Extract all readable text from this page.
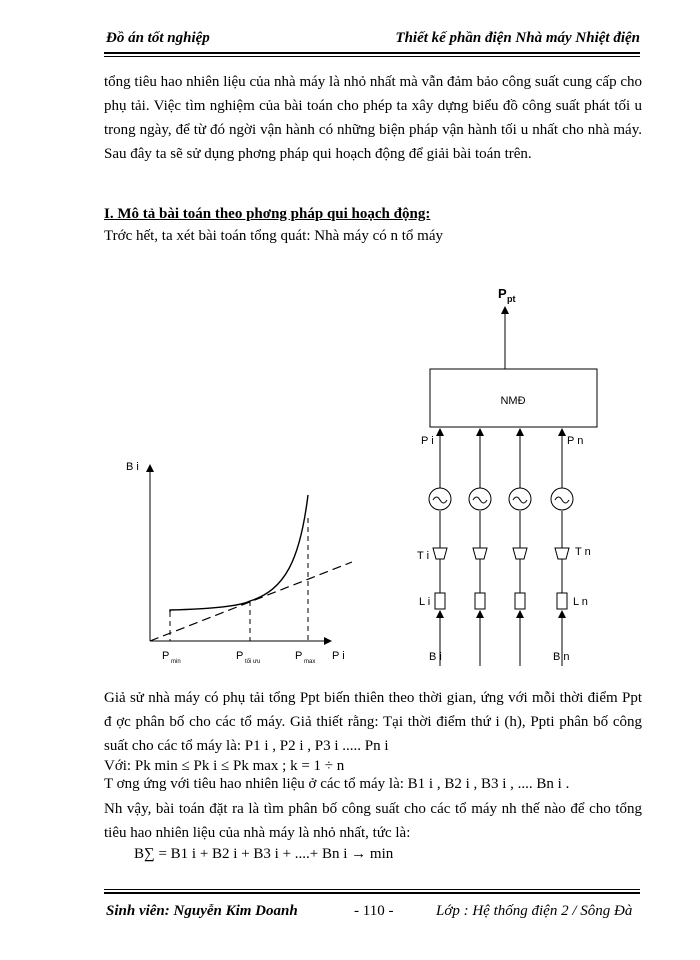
Đồ án tốt nghiệp	Thiết kế phần điện Nhà máy Nhiệt điện

tổng tiêu hao nhiên liệu của nhà máy là nhỏ nhất mà vẫn đảm bảo công suất cung cấp cho phụ tải. Việc tìm nghiệm của bài toán cho phép ta xây dựng biểu đồ công suất phát tối u trong ngày, để từ đó ngời vận hành có những biện pháp vận hành tối u nhất cho nhà máy. Sau đây ta sẽ sử dụng phơng pháp qui hoạch động để giải bài toán trên.

I. Mô tả bài toán theo phơng pháp qui hoạch động:
Trớc hết, ta xét bài toán tổng quát: Nhà máy có n tổ máy
B i
P i
P min	P tối ưu	P max
P pt
NMĐ
P i	P n
T i	T n
L i	L n
B i	B n

Giả sử nhà máy có phụ tải tổng Ppt biến thiên theo thời gian, ứng với mỗi thời điểm Ppt đ ợc phân bố cho các tổ máy. Giả thiết rằng: Tại thời điểm thứ i (h), Ppti phân bố công suất cho các tổ máy là: P1 i , P2 i , P3 i ..... Pn i

Với: Pk min ≤ Pk i ≤ Pk max ; k = 1 ÷ n
T ơng ứng với tiêu hao nhiên liệu ở các tổ máy là: B1 i , B2 i , B3 i , .... Bn i .

Nh vậy, bài toán đặt ra là tìm phân bố công suất cho các tổ máy nh thế nào để cho tổng tiêu hao nhiên liệu của nhà máy là nhỏ nhất, tức là:

B∑ = B1 i + B2 i + B3 i + ....+ Bn i → min
Sinh viên: Nguyễn Kim Doanh	- 110 -	Lớp : Hệ thống điện 2 / Sông Đà
